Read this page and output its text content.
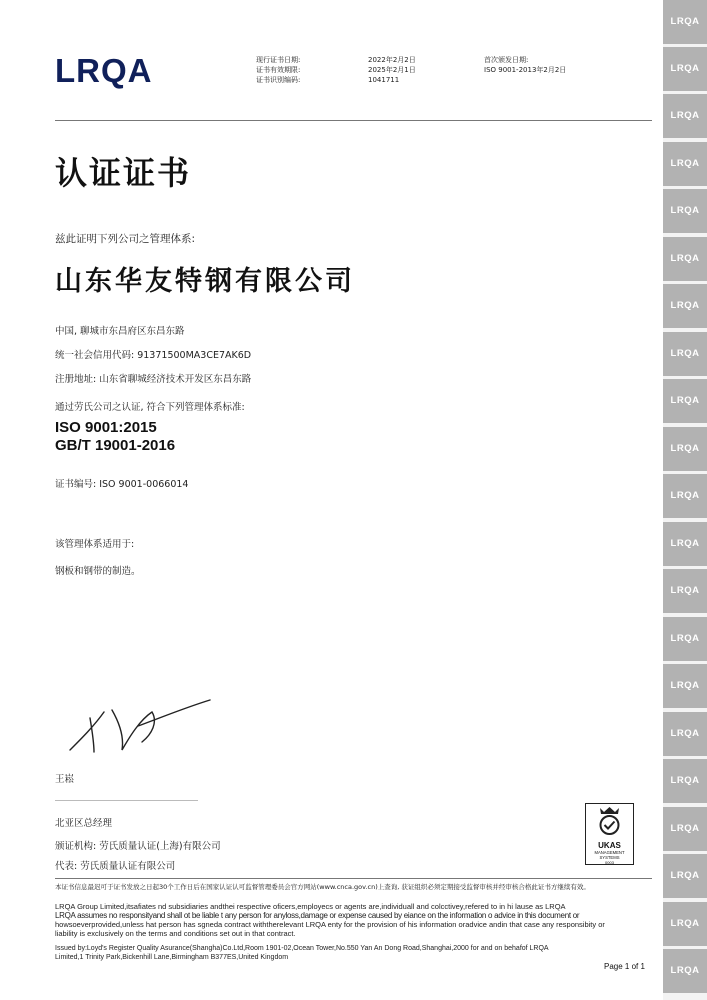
LRQA	现行证书日期:
证书有效期限:
证书识别编码:
2022年2月2日
2025年2月1日
1041711
首次颁发日期:
ISO 9001-2013年2月2日
认证证书
兹此证明下列公司之管理体系:
山东华友特钢有限公司
中国, 聊城市东昌府区东昌东路
统一社会信用代码: 91371500MA3CE7AK6D
注册地址: 山东省聊城经济技术开发区东昌东路
通过劳氏公司之认证, 符合下列管理体系标准:
ISO 9001:2015
GB/T 19001-2016
证书编号: ISO 9001-0066014
该管理体系适用于:
钢板和钢带的制造。
王崧
北亚区总经理
颁证机构: 劳氏质量认证(上海)有限公司
代表: 劳氏质量认证有限公司
UKAS
MANAGEMENT
SYSTEMS
0003
本证书信息最迟可于证书发放之日起30个工作日后在国家认证认可监督管理委员会官方网站(www.cnca.gov.cn)上查询, 获证组织必须定期接受监督审核并经审核合格此证书方继续有效。
LRQA Group Limited,itsafiates nd subsidiaries andthei respective oficers,employecs or agents are,individuall and colcctivey,refered to in hi lause as LRQA
LRQA assumes no responsityand shall ot be liable t any person for anyloss,damage or expense caused by eiance on the information o advice in this document or
howsoeverprovided,unless hat person has sgneda contract withtherelevant LRQA enty for the provision of his information oradvice andin that case any responsibity or
liability is exclusively on the terms and conditions set out in that contract.
Issued by:Loyd's Register Quality Asurance(Shangha)Co.Ltd,Room 1901-02,Ocean Tower,No.550 Yan An Dong Road,Shanghai,2000 for and on behafof LRQA
Limited,1 Trinity Park,Bickenhill Lane,Birmingham B377ES,United Kingdom
Page 1 of 1
LRQA
LRQA
LRQA
LRQA
LRQA
LRQA
LRQA
LRQA
LRQA
LRQA
LRQA
LRQA
LRQA
LRQA
LRQA
LRQA
LRQA
LRQA
LRQA
LRQA
LRQA
